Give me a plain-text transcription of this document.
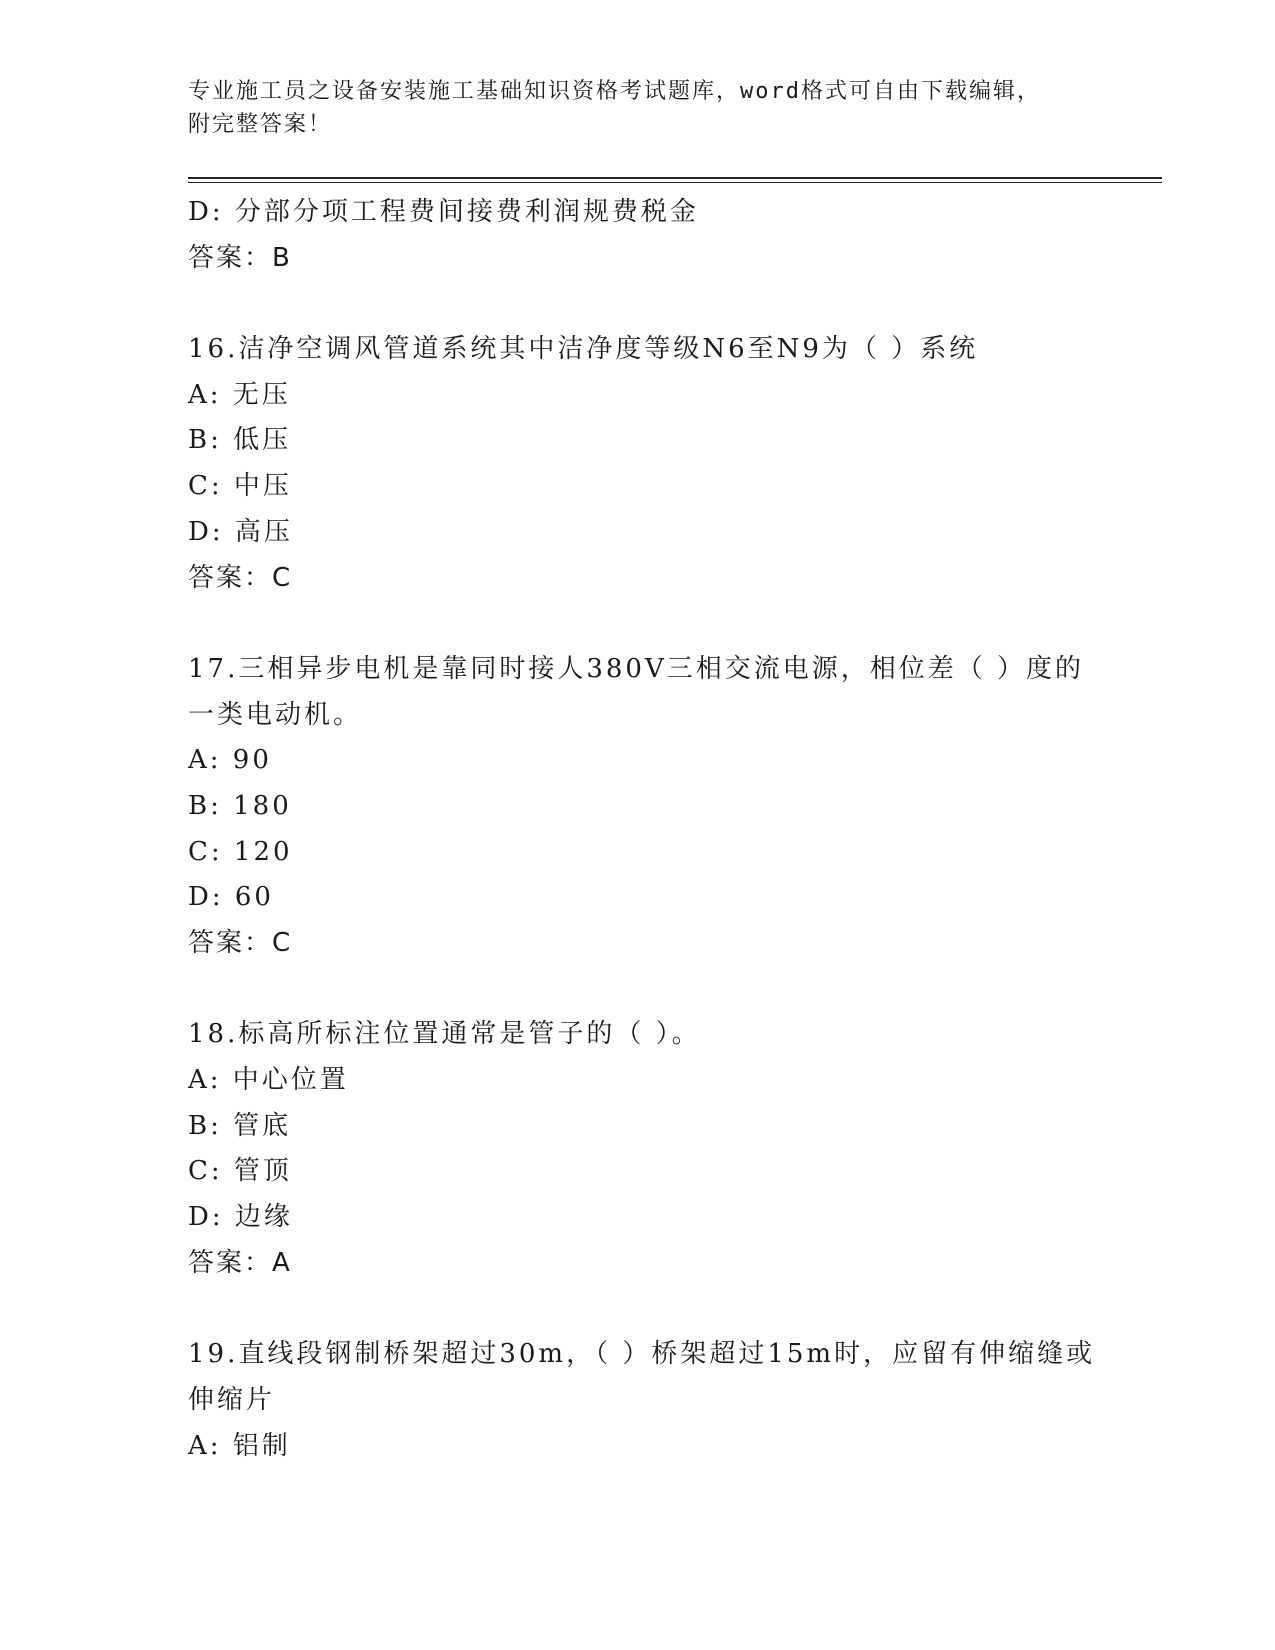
专业施工员之设备安装施工基础知识资格考试题库，word格式可自由下载编辑，
附完整答案！
D: 分部分项工程费间接费利润规费税金
答案：B
16.洁净空调风管道系统其中洁净度等级N6至N9为（ ）系统
A: 无压
B: 低压
C: 中压
D: 高压
答案：C
17.三相异步电机是靠同时接人380V三相交流电源，相位差（ ）度的
一类电动机。
A: 90
B: 180
C: 120
D: 60
答案：C
18.标高所标注位置通常是管子的（ ）。
A: 中心位置
B: 管底
C: 管顶
D: 边缘
答案：A
19.直线段钢制桥架超过30m，（ ）桥架超过15m时，应留有伸缩缝或
伸缩片
A: 铝制
